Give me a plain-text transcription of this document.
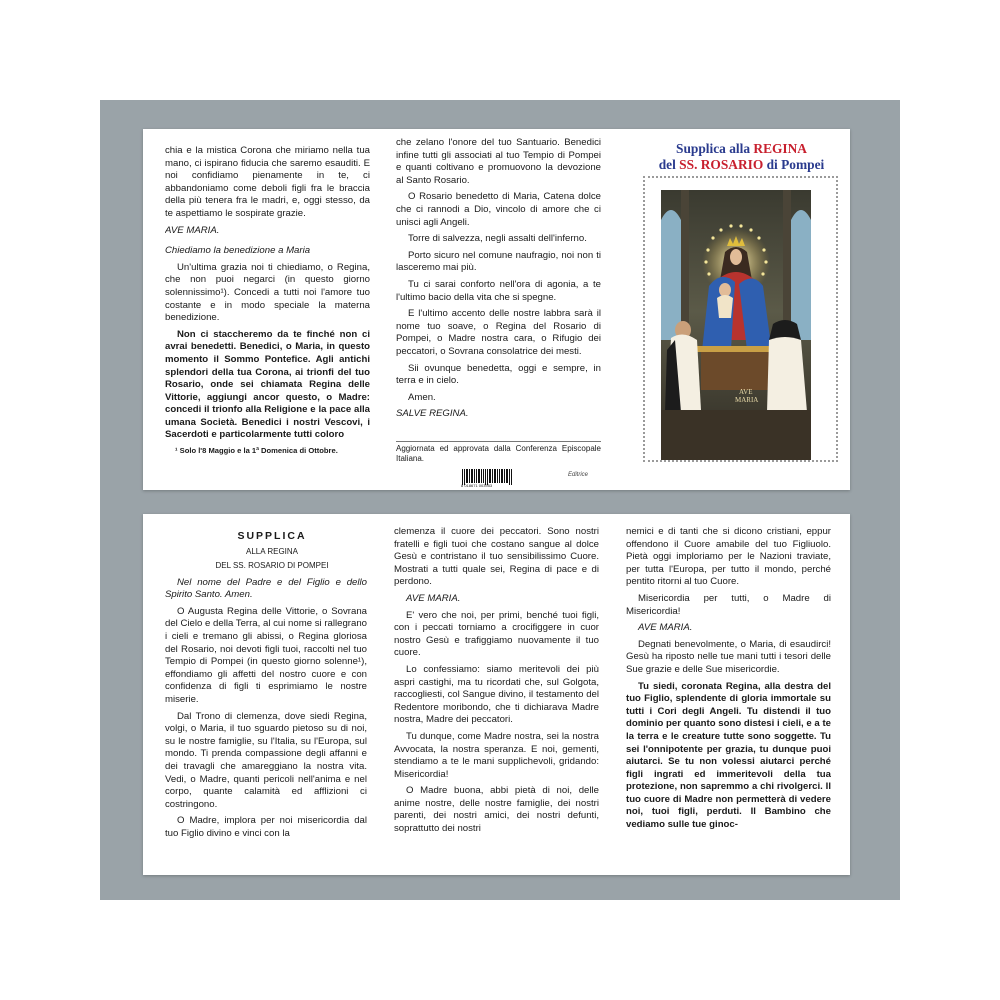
chia e la mistica Corona che miriamo nella tua mano, ci ispirano fiducia che saremo esauditi. E noi confidiamo pienamente in te, ci abbandoniamo come deboli figli fra le braccia della più tenera fra le madri, e, oggi stesso, da te aspettiamo le sospirate grazie.

AVE MARIA.

Chiediamo la benedizione a Maria

Un'ultima grazia noi ti chiediamo, o Regina, che non puoi negarci (in questo giorno solennissimo¹). Concedi a tutti noi l'amore tuo costante e in modo speciale la materna benedizione.

Non ci staccheremo da te finché non ci avrai benedetti. Benedici, o Maria, in questo momento il Sommo Pontefice. Agli antichi splendori della tua Corona, ai trionfi del tuo Rosario, onde sei chiamata Regina delle Vittorie, aggiungi ancor questo, o Madre: concedi il trionfo alla Religione e la pace alla umana Società. Benedici i nostri Vescovi, i Sacerdoti e particolarmente tutti coloro

¹ Solo l'8 Maggio e la 1ª Domenica di Ottobre.

che zelano l'onore del tuo Santuario. Benedici infine tutti gli associati al tuo Tempio di Pompei e quanti coltivano e promuovono la devozione al Santo Rosario.

O Rosario benedetto di Maria, Catena dolce che ci rannodi a Dio, vincolo di amore che ci unisci agli Angeli.

Torre di salvezza, negli assalti dell'inferno.

Porto sicuro nel comune naufragio, noi non ti lasceremo mai più.

Tu ci sarai conforto nell'ora di agonia, a te l'ultimo bacio della vita che si spegne.

E l'ultimo accento delle nostre labbra sarà il nome tuo soave, o Regina del Rosario di Pompei, o Madre nostra cara, o Rifugio dei peccatori, o Sovrana consolatrice dei mesti.

Sii ovunque benedetta, oggi e sempre, in terra e in cielo.

Amen.

SALVE REGINA.

Aggiornata ed approvata dalla Conferenza Episcopale Italiana.
8 018671 003953
Editrice
Supplica alla REGINA
del SS. ROSARIO di Pompei
AVE
MARIA

SUPPLICA

ALLA REGINA

DEL SS. ROSARIO DI POMPEI

Nel nome del Padre e del Figlio e dello Spirito Santo. Amen.

O Augusta Regina delle Vittorie, o Sovrana del Cielo e della Terra, al cui nome si rallegrano i cieli e tremano gli abissi, o Regina gloriosa del Rosario, noi devoti figli tuoi, raccolti nel tuo Tempio di Pompei (in questo giorno solenne¹), effondiamo gli affetti del nostro cuore e con confidenza di figli ti esprimiamo le nostre miserie.

Dal Trono di clemenza, dove siedi Regina, volgi, o Maria, il tuo sguardo pietoso su di noi, su le nostre famiglie, su l'Italia, su l'Europa, sul mondo. Ti prenda compassione degli affanni e dei travagli che amareggiano la nostra vita. Vedi, o Madre, quanti pericoli nell'anima e nel corpo, quante calamità ed afflizioni ci costringono.

O Madre, implora per noi misericordia dal tuo Figlio divino e vinci con la

clemenza il cuore dei peccatori. Sono nostri fratelli e figli tuoi che costano sangue al dolce Gesù e contristano il tuo sensibilissimo Cuore. Mostrati a tutti quale sei, Regina di pace e di perdono.

AVE MARIA.

E' vero che noi, per primi, benché tuoi figli, con i peccati torniamo a crocifiggere in cuor nostro Gesù e trafiggiamo nuovamente il tuo cuore.

Lo confessiamo: siamo meritevoli dei più aspri castighi, ma tu ricordati che, sul Golgota, raccogliesti, col Sangue divino, il testamento del Redentore moribondo, che ti dichiarava Madre nostra, Madre dei peccatori.

Tu dunque, come Madre nostra, sei la nostra Avvocata, la nostra speranza. E noi, gementi, stendiamo a te le mani supplichevoli, gridando: Misericordia!

O Madre buona, abbi pietà di noi, delle anime nostre, delle nostre famiglie, dei nostri parenti, dei nostri amici, dei nostri defunti, soprattutto dei nostri

nemici e di tanti che si dicono cristiani, eppur offendono il Cuore amabile del tuo Figliuolo. Pietà oggi imploriamo per le Nazioni traviate, per tutta l'Europa, per tutto il mondo, perché pentito ritorni al tuo Cuore.

Misericordia per tutti, o Madre di Misericordia!

AVE MARIA.

Degnati benevolmente, o Maria, di esaudirci! Gesù ha riposto nelle tue mani tutti i tesori delle Sue grazie e delle Sue misericordie.

Tu siedi, coronata Regina, alla destra del tuo Figlio, splendente di gloria immortale su tutti i Cori degli Angeli. Tu distendi il tuo dominio per quanto sono distesi i cieli, e a te la terra e le creature tutte sono soggette. Tu sei l'onnipotente per grazia, tu dunque puoi aiutarci. Se tu non volessi aiutarci perché figli ingrati ed immeritevoli della tua protezione, non sapremmo a chi rivolgerci. Il tuo cuore di Madre non permetterà di vedere noi, tuoi figli, perduti. Il Bambino che vediamo sulle tue ginoc-
